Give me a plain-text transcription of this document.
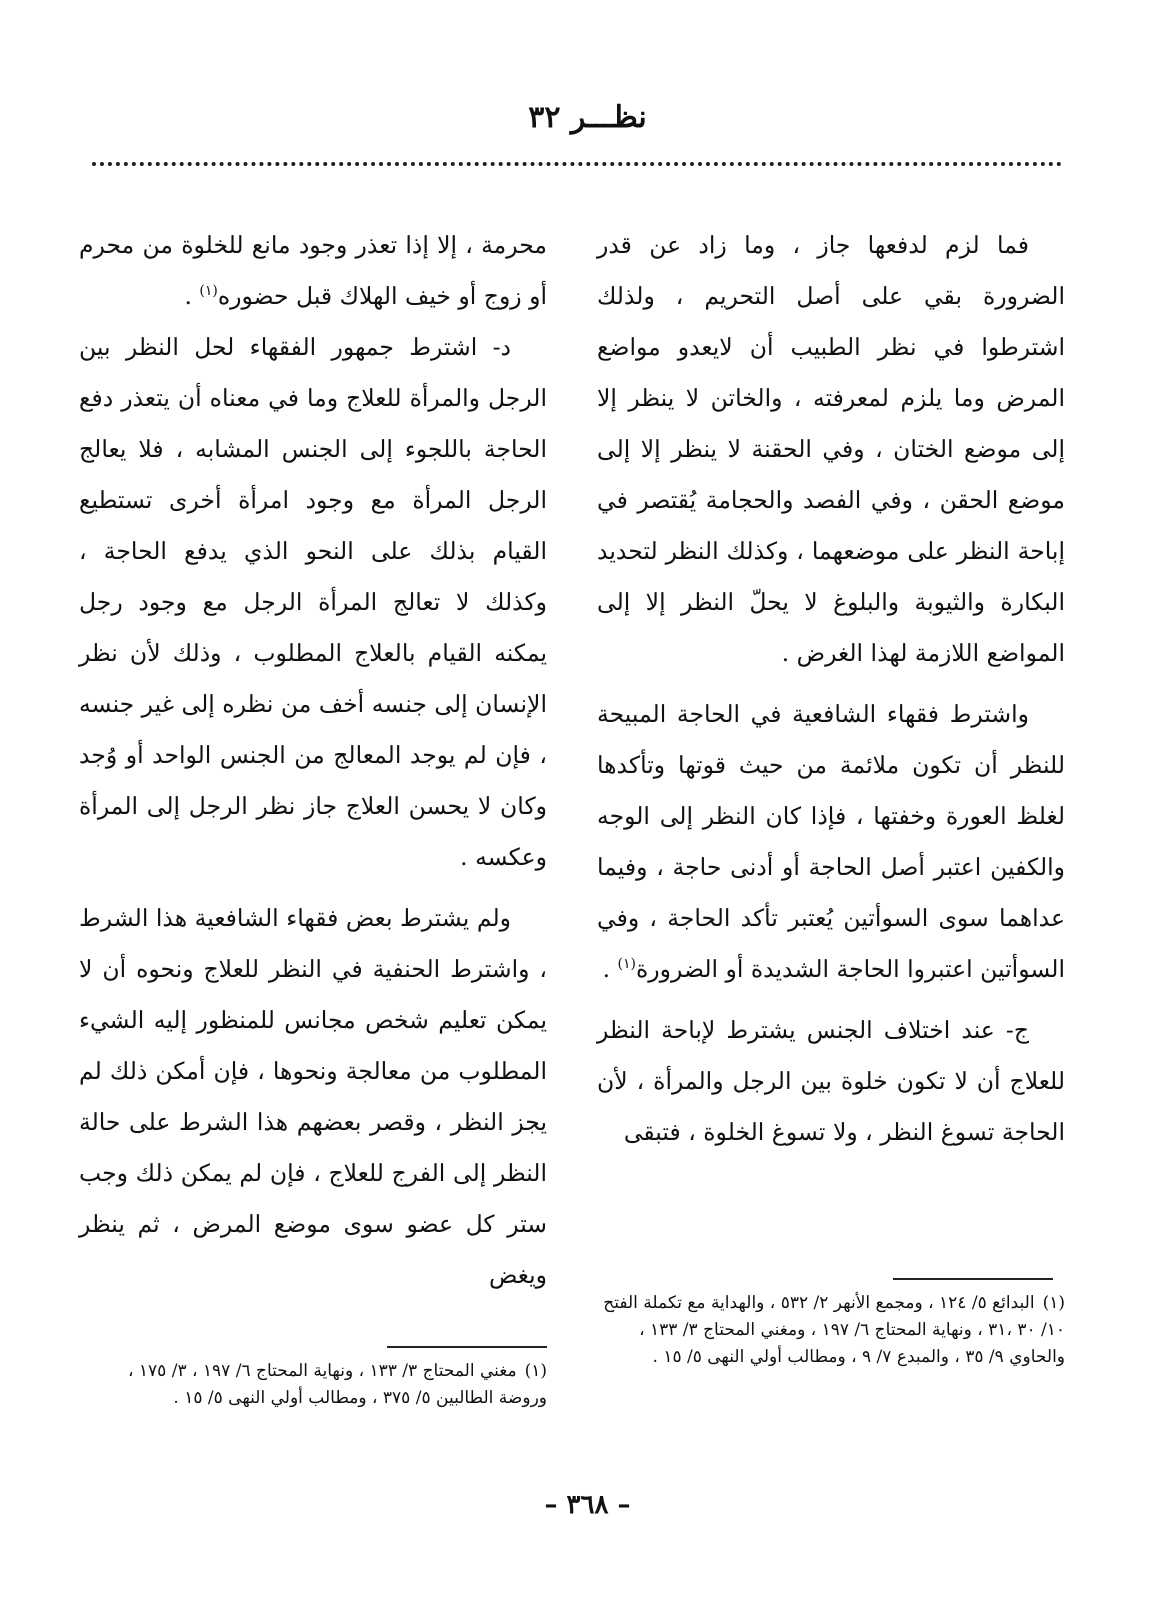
نظـــر ٣٢

فما لزم لدفعها جاز ، وما زاد عن قدر الضرورة بقي على أصل التحريم ، ولذلك اشترطوا في نظر الطبيب أن لايعدو مواضع المرض وما يلزم لمعرفته ، والخاتن لا ينظر إلا إلى موضع الختان ، وفي الحقنة لا ينظر إلا إلى موضع الحقن ، وفي الفصد والحجامة يُقتصر في إباحة النظر على موضعهما ، وكذلك النظر لتحديد البكارة والثيوبة والبلوغ لا يحلّ النظر إلا إلى المواضع اللازمة لهذا الغرض .

واشترط فقهاء الشافعية في الحاجة المبيحة للنظر أن تكون ملائمة من حيث قوتها وتأكدها لغلظ العورة وخفتها ، فإذا كان النظر إلى الوجه والكفين اعتبر أصل الحاجة أو أدنى حاجة ، وفيما عداهما سوى السوأتين يُعتبر تأكد الحاجة ، وفي السوأتين اعتبروا الحاجة الشديدة أو الضرورة$^{(١)}$ .

ج- عند اختلاف الجنس يشترط لإباحة النظر للعلاج أن لا تكون خلوة بين الرجل والمرأة ، لأن الحاجة تسوغ النظر ، ولا تسوغ الخلوة ، فتبقى

محرمة ، إلا إذا تعذر وجود مانع للخلوة من محرم أو زوج أو خيف الهلاك قبل حضوره$^{(١)}$ .

د- اشترط جمهور الفقهاء لحل النظر بين الرجل والمرأة للعلاج وما في معناه أن يتعذر دفع الحاجة باللجوء إلى الجنس المشابه ، فلا يعالج الرجل المرأة مع وجود امرأة أخرى تستطيع القيام بذلك على النحو الذي يدفع الحاجة ، وكذلك لا تعالج المرأة الرجل مع وجود رجل يمكنه القيام بالعلاج المطلوب ، وذلك لأن نظر الإنسان إلى جنسه أخف من نظره إلى غير جنسه ، فإن لم يوجد المعالج من الجنس الواحد أو وُجد وكان لا يحسن العلاج جاز نظر الرجل إلى المرأة وعكسه .

ولم يشترط بعض فقهاء الشافعية هذا الشرط ، واشترط الحنفية في النظر للعلاج ونحوه أن لا يمكن تعليم شخص مجانس للمنظور إليه الشيء المطلوب من معالجة ونحوها ، فإن أمكن ذلك لم يجز النظر ، وقصر بعضهم هذا الشرط على حالة النظر إلى الفرج للعلاج ، فإن لم يمكن ذلك وجب ستر كل عضو سوى موضع المرض ، ثم ينظر ويغض

(١)البدائع ٥/ ١٢٤ ، ومجمع الأنهر ٢/ ٥٣٢ ، والهداية مع تكملة الفتح ١٠/ ٣٠ ،٣١ ، ونهاية المحتاج ٦/ ١٩٧ ، ومغني المحتاج ٣/ ١٣٣ ، والحاوي ٩/ ٣٥ ، والمبدع ٧/ ٩ ، ومطالب أولي النهى ٥/ ١٥ .
(١)مغني المحتاج ٣/ ١٣٣ ، ونهاية المحتاج ٦/ ١٩٧ ، ٣/ ١٧٥ ، وروضة الطالبين ٥/ ٣٧٥ ، ومطالب أولي النهى ٥/ ١٥ .
– ٣٦٨ –
